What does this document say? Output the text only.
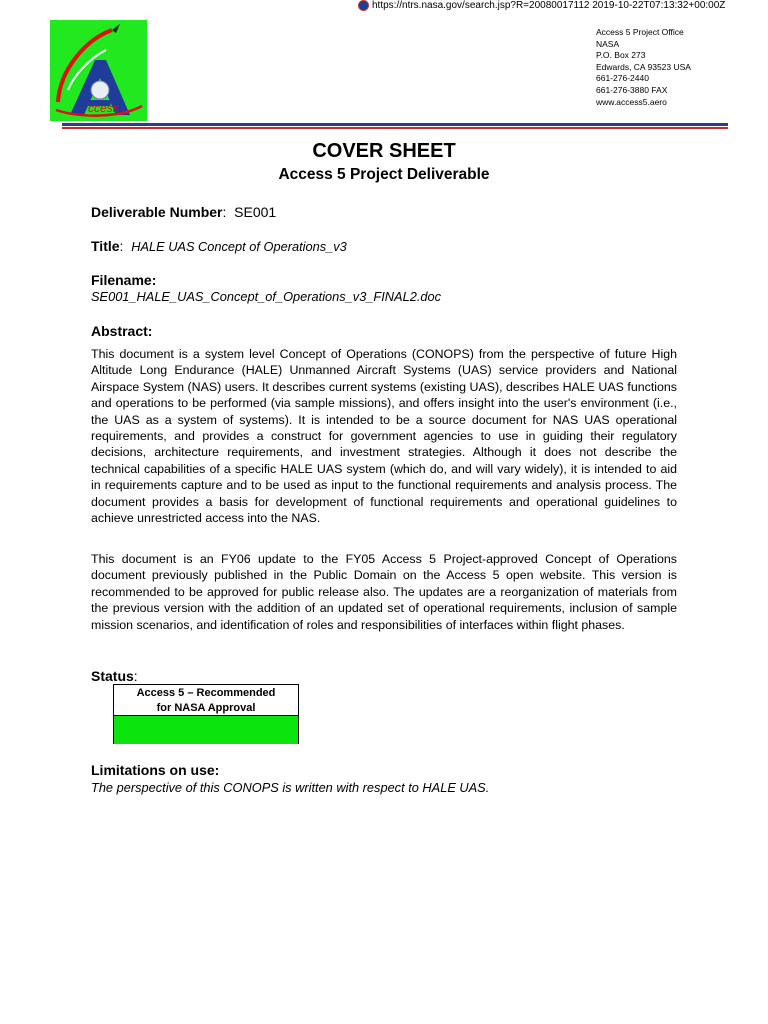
https://ntrs.nasa.gov/search.jsp?R=20080017112 2019-10-22T07:13:32+00:00Z
ccess
Access 5 Project Office
NASA
P.O. Box 273
Edwards, CA 93523 USA
661-276-2440
661-276-3880 FAX
www.access5.aero
COVER SHEET
Access 5 Project Deliverable
Deliverable Number:  SE001
Title:  HALE UAS Concept of Operations_v3
Filename:
SE001_HALE_UAS_Concept_of_Operations_v3_FINAL2.doc
Abstract:

This document is a system level Concept of Operations (CONOPS) from the perspective of future High Altitude Long Endurance (HALE) Unmanned Aircraft Systems (UAS) service providers and National Airspace System (NAS) users. It describes current systems (existing UAS), describes HALE UAS functions and operations to be performed (via sample missions), and offers insight into the user's environment (i.e., the UAS as a system of systems). It is intended to be a source document for NAS UAS operational requirements, and provides a construct for government agencies to use in guiding their regulatory decisions, architecture requirements, and investment strategies. Although it does not describe the technical capabilities of a specific HALE UAS system (which do, and will vary widely), it is intended to aid in requirements capture and to be used as input to the functional requirements and analysis process. The document provides a basis for development of functional requirements and operational guidelines to achieve unrestricted access into the NAS.

This document is an FY06 update to the FY05 Access 5 Project-approved Concept of Operations document previously published in the Public Domain on the Access 5 open website. This version is recommended to be approved for public release also. The updates are a reorganization of materials from the previous version with the addition of an updated set of operational requirements, inclusion of sample mission scenarios, and identification of roles and responsibilities of interfaces within flight phases.

Status:
Access 5 – Recommended
for NASA Approval
Limitations on use:
The perspective of this CONOPS is written with respect to HALE UAS.
